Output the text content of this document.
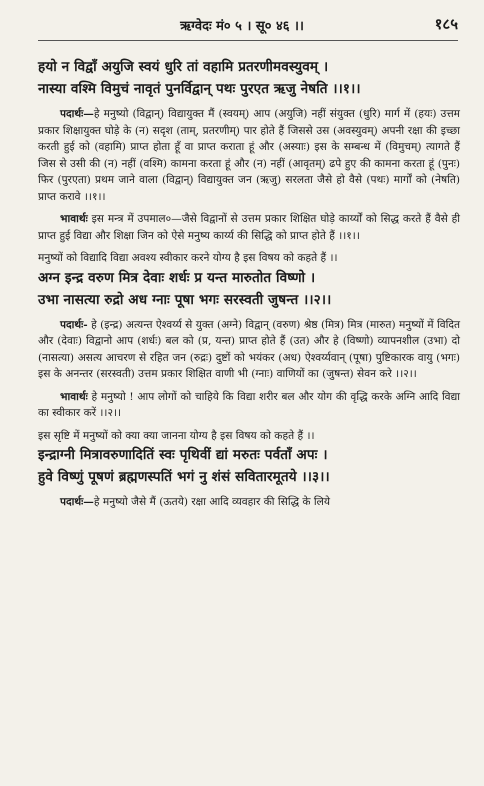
ऋग्वेदः मं० ५ । सू० ४६ ।।	१८५
हयो न विद्वाँ अयुजि स्वयं धुरि तां वहामि प्रतरणीमवस्युवम् ।
नास्या वश्मि विमुचं नावृतं पुनर्विद्वान् पथः पुरएत ऋजु नेषति ।।१।।

पदार्थः—हे मनुष्यो (विद्वान्) विद्यायुक्त मैं (स्वयम्) आप (अयुजि) नहीं संयुक्त (धुरि) मार्ग में (हयः) उत्तम प्रकार शिक्षायुक्त घोड़े के (न) सदृश (ताम्, प्रतरणीम्) पार होते हैं जिससे उस (अवस्युवम्) अपनी रक्षा की इच्छा करती हुई को (वहामि) प्राप्त होता हूँ वा प्राप्त कराता हूं और (अस्याः) इस के सम्बन्ध में (विमुचम्) त्यागते हैं जिस से उसी की (न) नहीं (वश्मि) कामना करता हूं और (न) नहीं (आवृतम्) ढपे हुए की कामना करता हूं (पुनः) फिर (पुरएता) प्रथम जाने वाला (विद्वान्) विद्यायुक्त जन (ऋजु) सरलता जैसे हो वैसे (पथः) मार्गों को (नेषति) प्राप्त करावे ।।१।।

भावार्थः इस मन्त्र में उपमाल०—जैसे विद्वानों से उत्तम प्रकार शिक्षित घोड़े कार्य्यों को सिद्ध करते हैं वैसे ही प्राप्त हुई विद्या और शिक्षा जिन को ऐसे मनुष्य कार्य्य की सिद्धि को प्राप्त होते हैं ।।१।।

मनुष्यों को विद्यादि विद्या अवश्य स्वीकार करने योग्य है इस विषय को कहते हैं ।।

अग्न इन्द्र वरुण मित्र देवाः शर्धः प्र यन्त मारुतोत विष्णो ।
उभा नासत्या रुद्रो अध ग्नाः पूषा भगः सरस्वती जुषन्त ।।२।।

पदार्थः- हे (इन्द्र) अत्यन्त ऐश्वर्य्य से युक्त (अग्ने) विद्वान् (वरुण) श्रेष्ठ (मित्र) मित्र (मारुत) मनुष्यों में विदित और (देवाः) विद्वानो आप (शर्धः) बल को (प्र, यन्त) प्राप्त होते हैं (उत) और हे (विष्णो) व्यापनशील (उभा) दो (नासत्या) असत्य आचरण से रहित जन (रुद्रः) दुष्टों को भयंकर (अध) ऐश्वर्य्यवान् (पूषा) पुष्टिकारक वायु (भगः) इस के अनन्तर (सरस्वती) उत्तम प्रकार शिक्षित वाणी भी (ग्नाः) वाणियों का (जुषन्त) सेवन करे ।।२।।

भावार्थः हे मनुष्यो ! आप लोगों को चाहिये कि विद्या शरीर बल और योग की वृद्धि करके अग्नि आदि विद्या का स्वीकार करें ।।२।।

इस सृष्टि में मनुष्यों को क्या क्या जानना योग्य है इस विषय को कहते हैं ।।

इन्द्राग्नी मित्रावरुणादितिं स्वः पृथिवीं द्यां मरुतः पर्वताँ अपः ।
हुवे विष्णुं पूषणं ब्रह्मणस्पतिं भगं नु शंसं सवितारमूतये ।।३।।

पदार्थः—हे मनुष्यो जैसे मैं (ऊतये) रक्षा आदि व्यवहार की सिद्धि के लिये
